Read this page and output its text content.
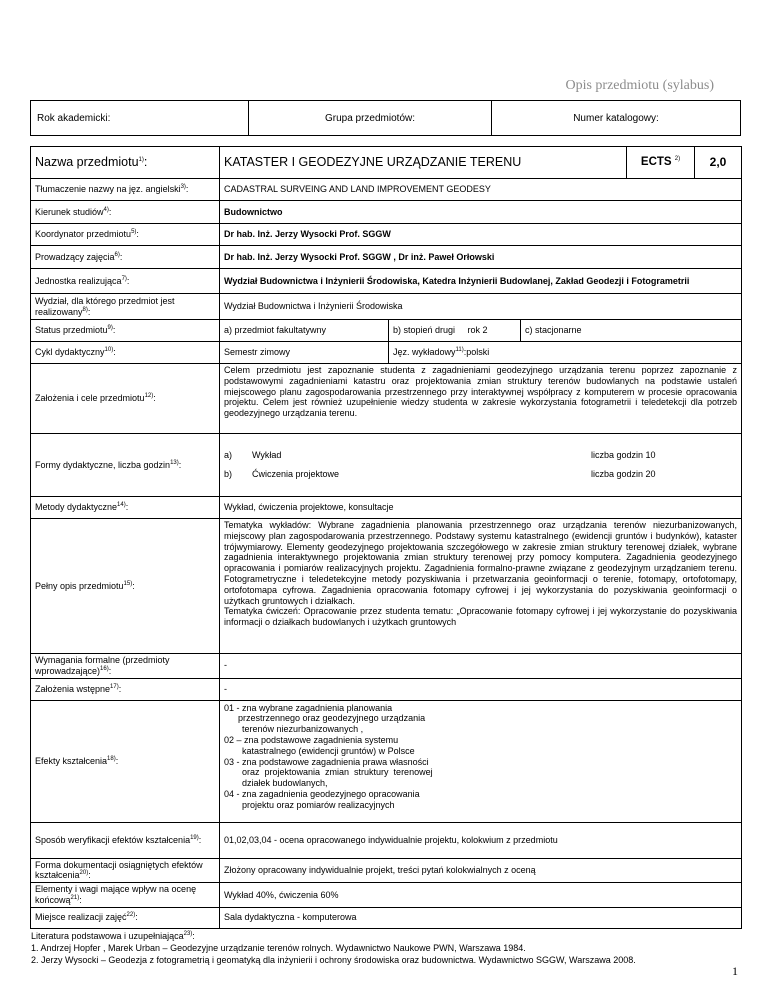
Opis przedmiotu (sylabus)
Rok akademicki:	Grupa przedmiotów:	Numer katalogowy:
Nazwa przedmiotu$^{1)}$:	KATASTER I GEODEZYJNE URZĄDZANIE TERENU	ECTS $^{2)}$	2,0

Tłumaczenie nazwy na jęz. angielski$^{3)}$:	CADASTRAL SURVEING AND LAND IMPROVEMENT GEODESY
Kierunek studiów$^{4)}$:	Budownictwo
Koordynator przedmiotu$^{5)}$:	Dr hab. Inż. Jerzy Wysocki Prof. SGGW
Prowadzący zajęcia$^{6)}$:	Dr hab. Inż. Jerzy Wysocki Prof. SGGW , Dr inż. Paweł Orłowski
Jednostka realizująca$^{7)}$:	Wydział Budownictwa i Inżynierii Środowiska, Katedra Inżynierii Budowlanej, Zakład Geodezji i Fotogrametrii
Wydział, dla którego przedmiot jest realizowany$^{8)}$:	Wydział Budownictwa i Inżynierii Środowiska
Status przedmiotu$^{9)}$:	a) przedmiot fakultatywny	b) stopień drugi     rok 2	c) stacjonarne
Cykl dydaktyczny$^{10)}$:	Semestr zimowy	Jęz. wykładowy$^{11)}$:polski
Założenia i cele przedmiotu$^{12)}$:	Celem przedmiotu jest zapoznanie studenta z zagadnieniami geodezyjnego urządzania terenu poprzez zapoznanie z podstawowymi zagadnieniami katastru oraz projektowania zmian struktury terenów budowlanych na podstawie ustaleń miejscowego planu zagospodarowania przestrzennego przy interaktywnej współpracy z komputerem w procesie opracowania projektu. Celem jest również uzupełnienie wiedzy studenta w zakresie wykorzystania fotogrametrii i teledetekcji dla potrzeb geodezyjnego urządzania terenu.
Formy dydaktyczne, liczba godzin$^{13)}$:	
a)	Wykład	liczba godzin 10
b)	Ćwiczenia projektowe	liczba godzin 20

Metody dydaktyczne$^{14)}$:	Wykład, ćwiczenia projektowe, konsultacje
Pełny opis przedmiotu$^{15)}$:	
Tematyka wykładów: Wybrane zagadnienia planowania przestrzennego oraz urządzania terenów niezurbanizowanych, miejscowy plan zagospodarowania przestrzennego. Podstawy systemu katastralnego (ewidencji gruntów i budynków), kataster trójwymiarowy. Elementy geodezyjnego projektowania szczegółowego w zakresie zmian struktury terenowej działek, wybrane zagadnienia interaktywnego projektowania zmian struktury terenowej przy pomocy komputera. Zagadnienia geodezyjnego opracowania i pomiarów realizacyjnych projektu. Zagadnienia formalno-prawne związane z geodezyjnym urządzaniem terenu. Fotogrametryczne i teledetekcyjne metody pozyskiwania i przetwarzania geoinformacji o terenie, fotomapy, ortofotomapy, ortofotomapa cyfrowa. Zagadnienia opracowania fotomapy cyfrowej i jej wykorzystania do pozyskiwania geoinformacji o użytkach gruntowych i działkach.
Tematyka ćwiczeń: Opracowanie przez studenta tematu: „Opracowanie fotomapy cyfrowej i jej wykorzystanie do pozyskiwania informacji o działkach budowlanych i użytkach gruntowych

Wymagania formalne (przedmioty wprowadzające)$^{16)}$:	-
Założenia wstępne$^{17)}$:	-
Efekty kształcenia$^{18)}$:	
01 - zna wybrane zagadnienia planowania
przestrzennego oraz geodezyjnego urządzania
terenów niezurbanizowanych ,
02 – zna podstawowe zagadnienia systemu
katastralnego (ewidencji gruntów) w Polsce
03 - zna podstawowe zagadnienia prawa własności
oraz  projektowania  zmian  struktury  terenowej
działek budowlanych,
04 - zna zagadnienia geodezyjnego opracowania
projektu oraz pomiarów realizacyjnych

Sposób weryfikacji efektów kształcenia$^{19)}$:	01,02,03,04 - ocena opracowanego indywidualnie projektu, kolokwium z przedmiotu
Forma dokumentacji osiągniętych efektów kształcenia$^{20)}$:	Złożony opracowany indywidualnie projekt, treści pytań kolokwialnych z oceną
Elementy i wagi mające wpływ na ocenę końcową$^{21)}$:	Wykład 40%, ćwiczenia 60%
Miejsce realizacji zajęć$^{22)}$:	Sala dydaktyczna - komputerowa
Literatura podstawowa i uzupełniająca$^{23)}$:
1. Andrzej Hopfer , Marek Urban – Geodezyjne urządzanie terenów rolnych. Wydawnictwo Naukowe PWN, Warszawa 1984.
2. Jerzy Wysocki – Geodezja z fotogrametrią i geomatyką dla inżynierii i ochrony środowiska oraz budownictwa. Wydawnictwo SGGW, Warszawa 2008.
1
